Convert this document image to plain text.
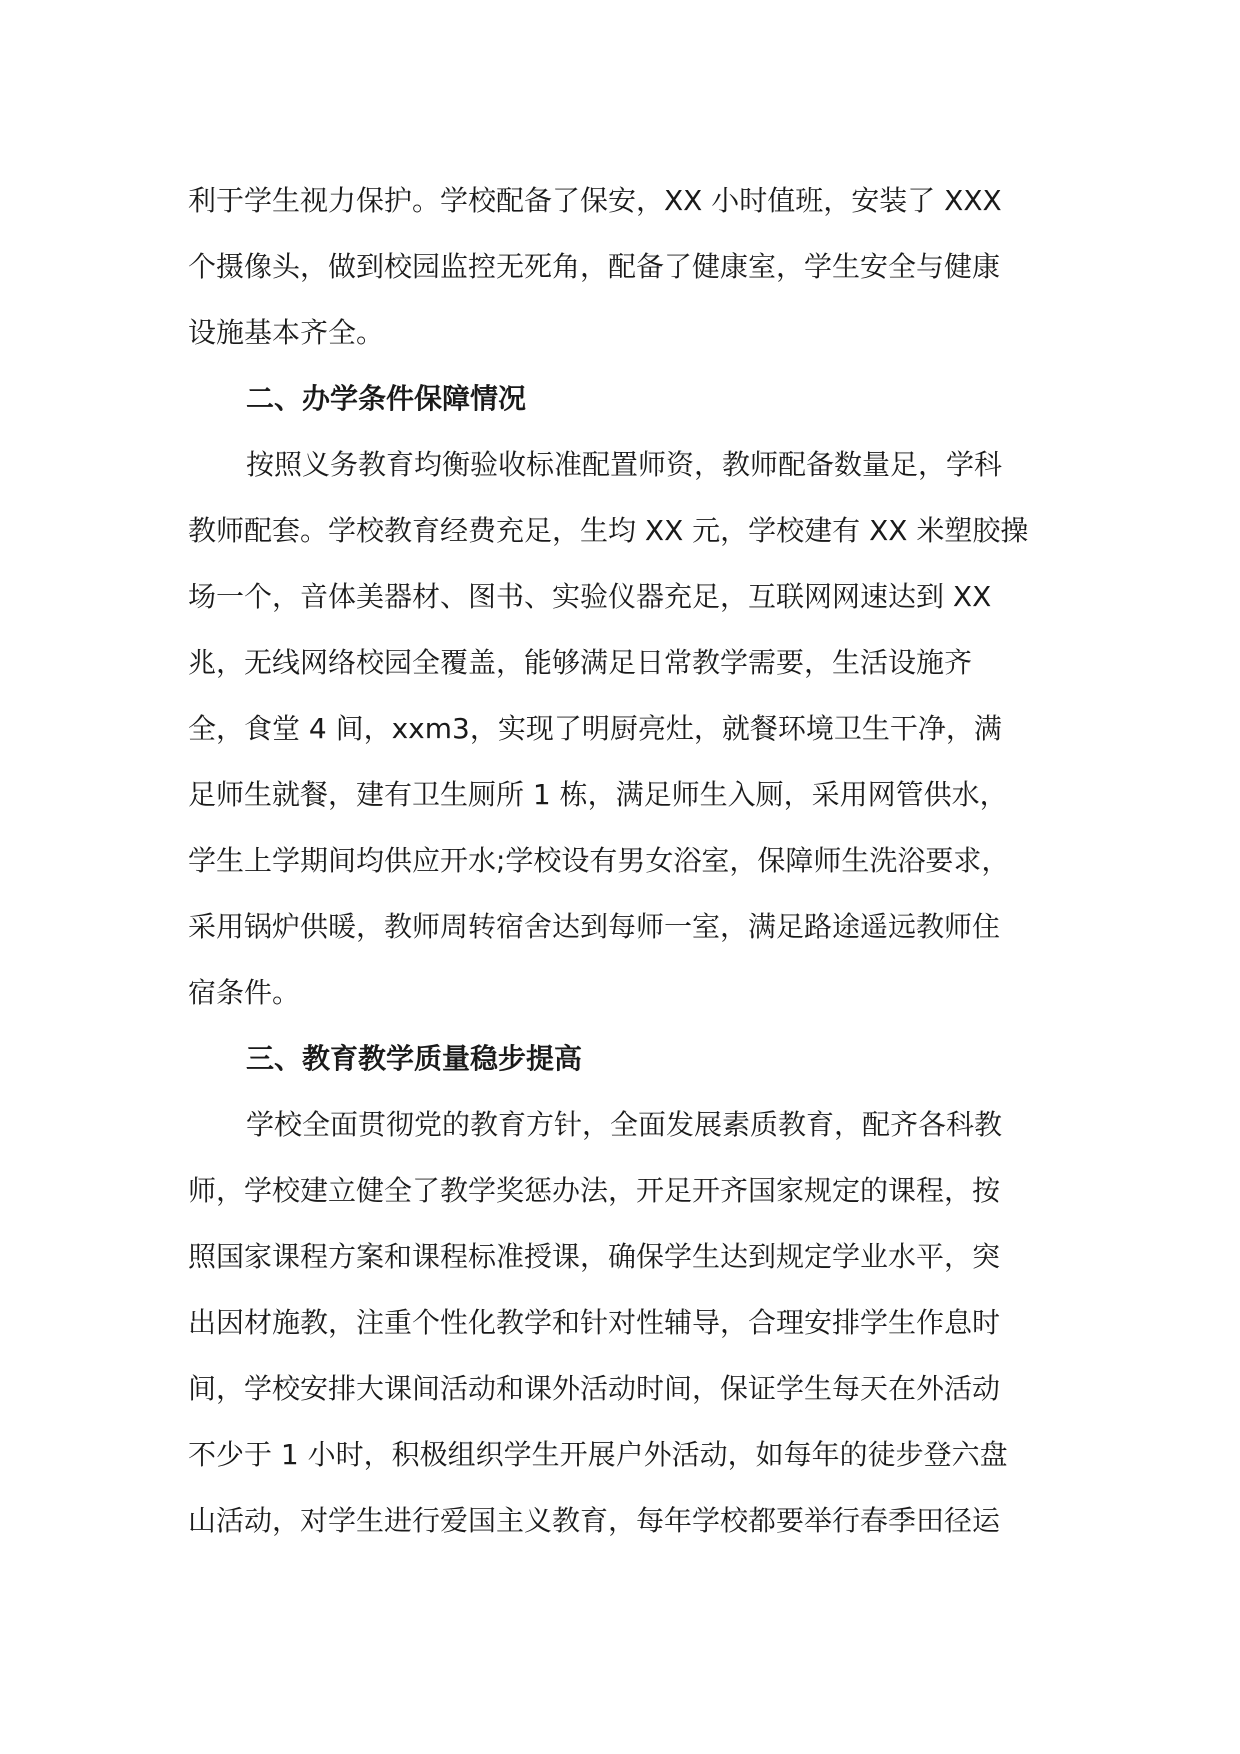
利于学生视力保护。学校配备了保安，XX 小时值班，安装了 XXX
个摄像头，做到校园监控无死角，配备了健康室，学生安全与健康
设施基本齐全。
二、办学条件保障情况
按照义务教育均衡验收标准配置师资，教师配备数量足，学科
教师配套。学校教育经费充足，生均 XX 元，学校建有 XX 米塑胶操
场一个，音体美器材、图书、实验仪器充足，互联网网速达到 XX
兆，无线网络校园全覆盖，能够满足日常教学需要，生活设施齐
全，食堂 4 间，xxm3，实现了明厨亮灶，就餐环境卫生干净，满
足师生就餐，建有卫生厕所 1 栋，满足师生入厕，采用网管供水，
学生上学期间均供应开水;学校设有男女浴室，保障师生洗浴要求，
采用锅炉供暖，教师周转宿舍达到每师一室，满足路途遥远教师住
宿条件。
三、教育教学质量稳步提高
学校全面贯彻党的教育方针，全面发展素质教育，配齐各科教
师，学校建立健全了教学奖惩办法，开足开齐国家规定的课程，按
照国家课程方案和课程标准授课，确保学生达到规定学业水平，突
出因材施教，注重个性化教学和针对性辅导，合理安排学生作息时
间，学校安排大课间活动和课外活动时间，保证学生每天在外活动
不少于 1 小时，积极组织学生开展户外活动，如每年的徒步登六盘
山活动，对学生进行爱国主义教育，每年学校都要举行春季田径运
